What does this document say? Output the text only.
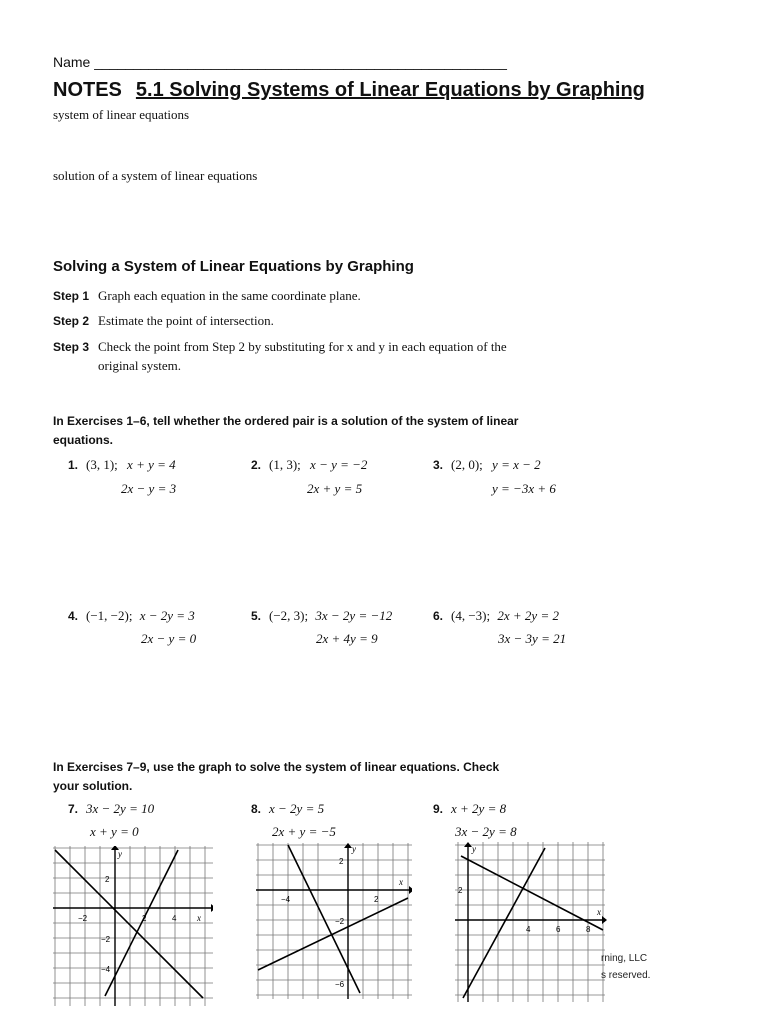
Name _____________________________________________________
NOTES 5.1 Solving Systems of Linear Equations by Graphing
system of linear equations
solution of a system of linear equations
Solving a System of Linear Equations by Graphing
Step 1 Graph each equation in the same coordinate plane.
Step 2 Estimate the point of intersection.
Step 3 Check the point from Step 2 by substituting for x and y in each equation of the
original system.
In Exercises 1–6, tell whether the ordered pair is a solution of the system of linear
equations.
1. (3, 1); x + y = 4
2x − y = 3
2. (1, 3); x − y = −2
2x + y = 5
3. (2, 0); y = x − 2
y = −3x + 6
4. (−1, −2); x − 2y = 3
2x − y = 0
5. (−2, 3); 3x − 2y = −12
2x + 4y = 9
6. (4, −3); 2x + 2y = 2
3x − 3y = 21
In Exercises 7–9, use the graph to solve the system of linear equations. Check
your solution.
7. 3x − 2y = 10
x + y = 0
8. x − 2y = 5
2x + y = −5
9. x + 2y = 8
3x − 2y = 8
x
y
−2	2	4
2
−2
−4
x
y
2
−4	2
−2
−6
x
y
2
4	6	8
rning, LLC
s reserved.
